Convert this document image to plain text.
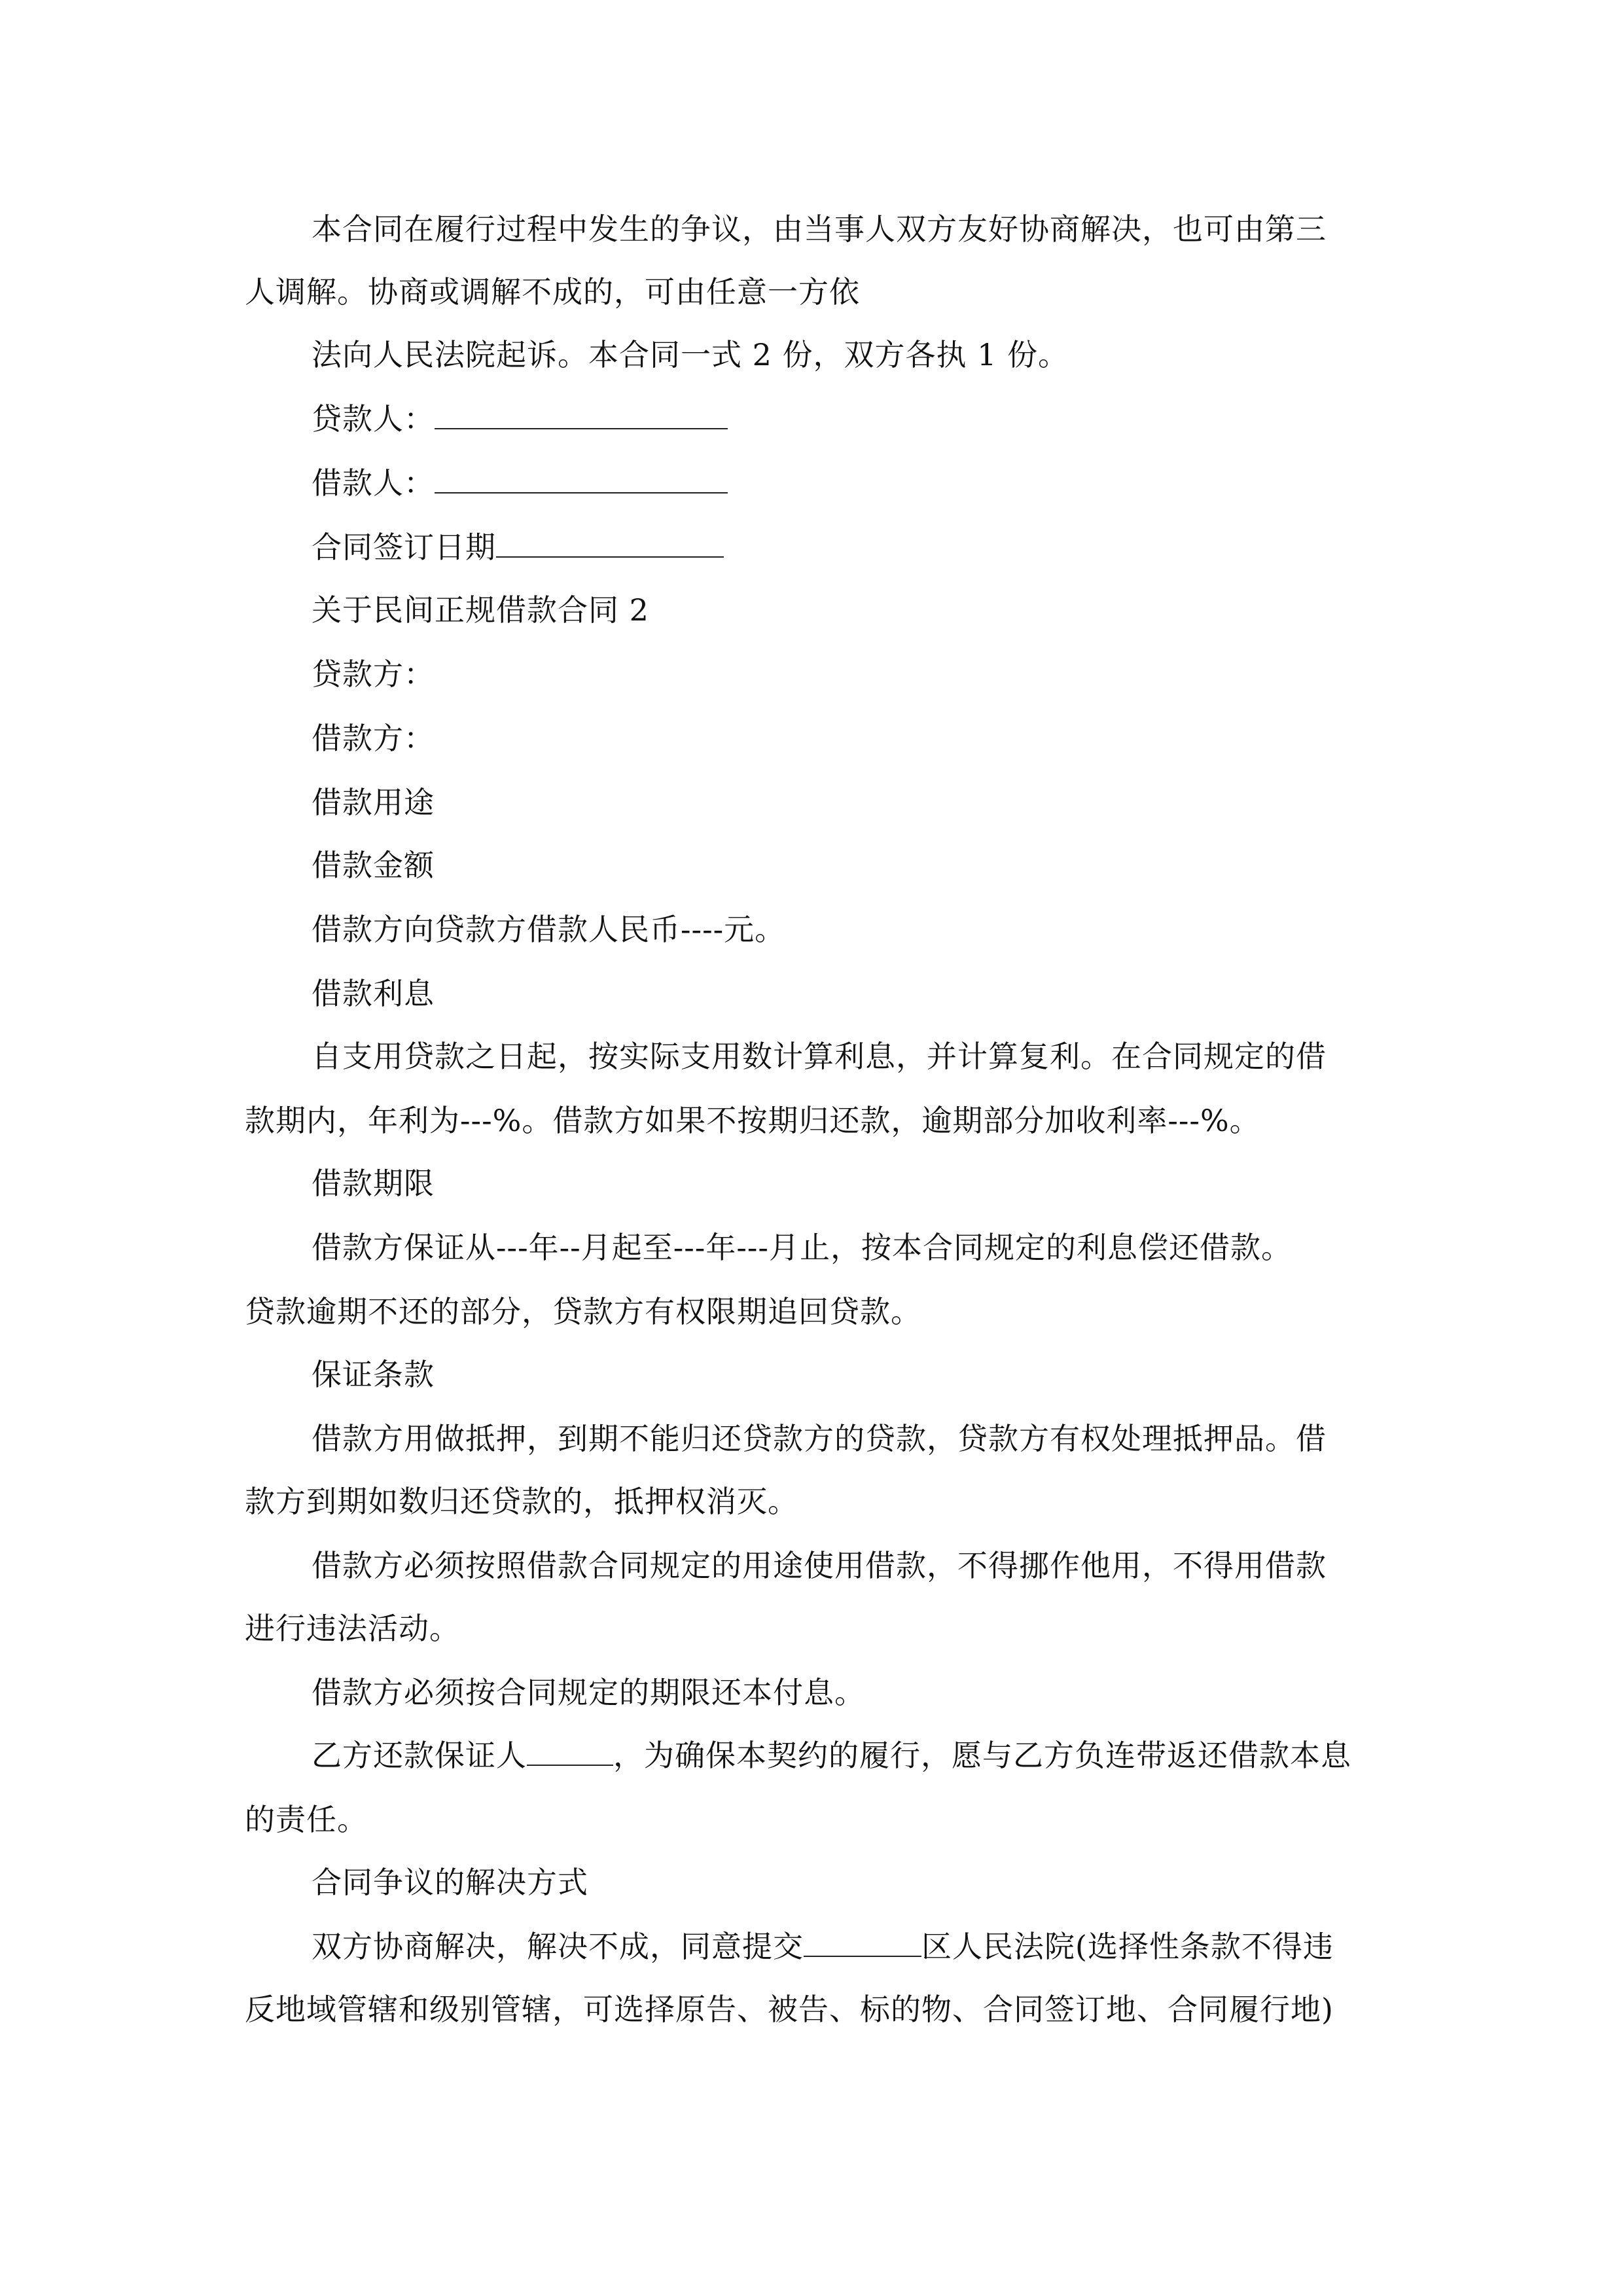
本合同在履行过程中发生的争议，由当事人双方友好协商解决，也可由第三
人调解。协商或调解不成的，可由任意一方依
法向人民法院起诉。本合同一式 2 份，双方各执 1 份。
贷款人：
借款人：
合同签订日期
关于民间正规借款合同 2
贷款方：
借款方：
借款用途
借款金额
借款方向贷款方借款人民币----元。
借款利息
自支用贷款之日起，按实际支用数计算利息，并计算复利。在合同规定的借
款期内，年利为---%。借款方如果不按期归还款，逾期部分加收利率---%。
借款期限
借款方保证从---年--月起至---年---月止，按本合同规定的利息偿还借款。
贷款逾期不还的部分，贷款方有权限期追回贷款。
保证条款
借款方用做抵押，到期不能归还贷款方的贷款，贷款方有权处理抵押品。借
款方到期如数归还贷款的，抵押权消灭。
借款方必须按照借款合同规定的用途使用借款，不得挪作他用，不得用借款
进行违法活动。
借款方必须按合同规定的期限还本付息。
乙方还款保证人	，为确保本契约的履行，愿与乙方负连带返还借款本息
的责任。
合同争议的解决方式
双方协商解决，解决不成，同意提交	区人民法院(选择性条款不得违
反地域管辖和级别管辖，可选择原告、被告、标的物、合同签订地、合同履行地)
